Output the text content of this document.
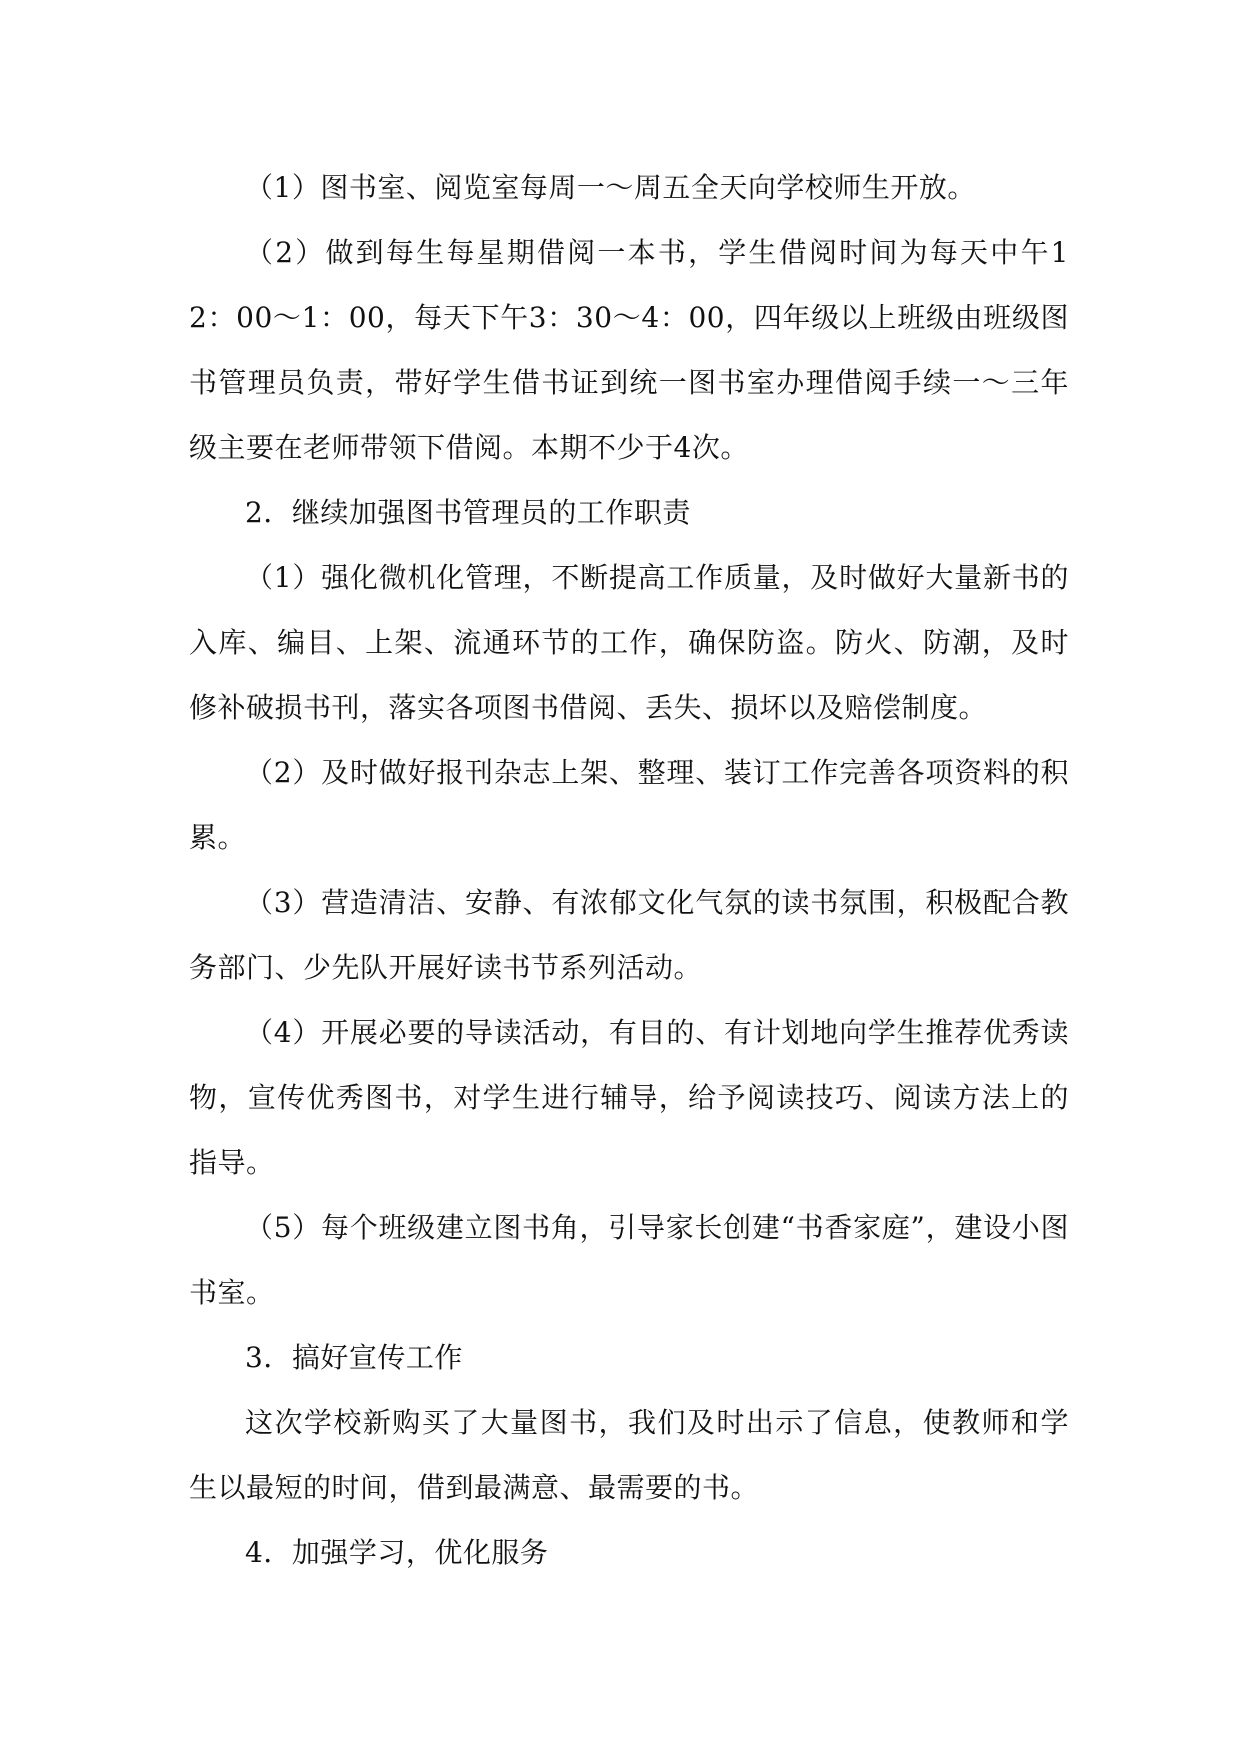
（1）图书室、阅览室每周一～周五全天向学校师生开放。

（2）做到每生每星期借阅一本书，学生借阅时间为每天中午12：00～1：00，每天下午3：30～4：00，四年级以上班级由班级图书管理员负责，带好学生借书证到统一图书室办理借阅手续一～三年级主要在老师带领下借阅。本期不少于4次。

2．继续加强图书管理员的工作职责

（1）强化微机化管理，不断提高工作质量，及时做好大量新书的入库、编目、上架、流通环节的工作，确保防盗。防火、防潮，及时修补破损书刊，落实各项图书借阅、丢失、损坏以及赔偿制度。

（2）及时做好报刊杂志上架、整理、装订工作完善各项资料的积累。

（3）营造清洁、安静、有浓郁文化气氛的读书氛围，积极配合教务部门、少先队开展好读书节系列活动。

（4）开展必要的导读活动，有目的、有计划地向学生推荐优秀读物，宣传优秀图书，对学生进行辅导，给予阅读技巧、阅读方法上的指导。

（5）每个班级建立图书角，引导家长创建“书香家庭”，建设小图书室。

3．搞好宣传工作

这次学校新购买了大量图书，我们及时出示了信息，使教师和学生以最短的时间，借到最满意、最需要的书。

4．加强学习，优化服务
